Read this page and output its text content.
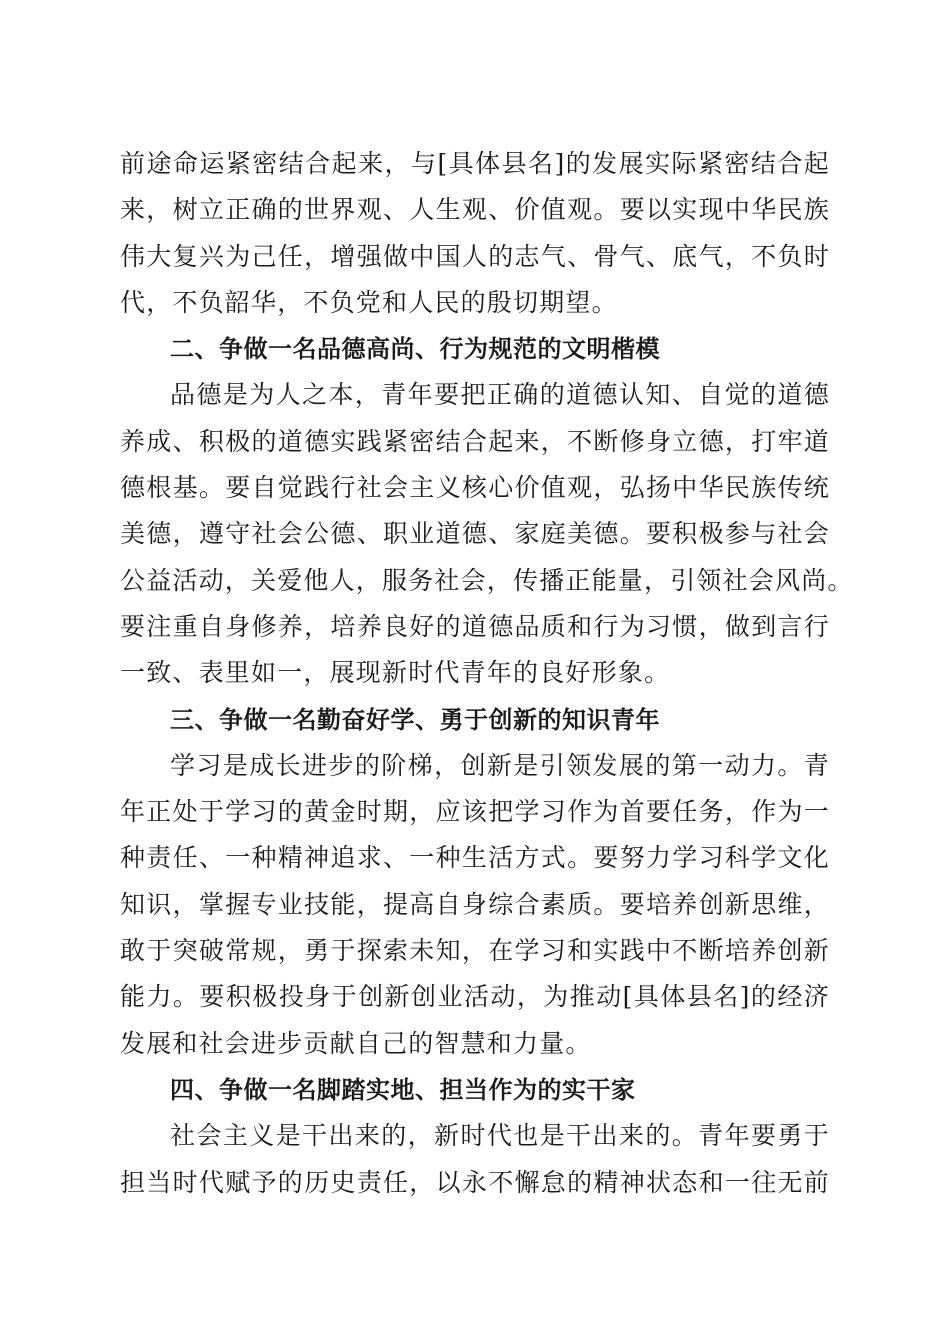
前途命运紧密结合起来，与[具体县名]的发展实际紧密结合起
来，树立正确的世界观、人生观、价值观。要以实现中华民族
伟大复兴为己任，增强做中国人的志气、骨气、底气，不负时
代，不负韶华，不负党和人民的殷切期望。
二、争做一名品德高尚、行为规范的文明楷模
品德是为人之本，青年要把正确的道德认知、自觉的道德
养成、积极的道德实践紧密结合起来，不断修身立德，打牢道
德根基。要自觉践行社会主义核心价值观，弘扬中华民族传统
美德，遵守社会公德、职业道德、家庭美德。要积极参与社会
公益活动，关爱他人，服务社会，传播正能量，引领社会风尚。
要注重自身修养，培养良好的道德品质和行为习惯，做到言行
一致、表里如一，展现新时代青年的良好形象。
三、争做一名勤奋好学、勇于创新的知识青年
学习是成长进步的阶梯，创新是引领发展的第一动力。青
年正处于学习的黄金时期，应该把学习作为首要任务，作为一
种责任、一种精神追求、一种生活方式。要努力学习科学文化
知识，掌握专业技能，提高自身综合素质。要培养创新思维，
敢于突破常规，勇于探索未知，在学习和实践中不断培养创新
能力。要积极投身于创新创业活动，为推动[具体县名]的经济
发展和社会进步贡献自己的智慧和力量。
四、争做一名脚踏实地、担当作为的实干家
社会主义是干出来的，新时代也是干出来的。青年要勇于
担当时代赋予的历史责任，以永不懈怠的精神状态和一往无前
